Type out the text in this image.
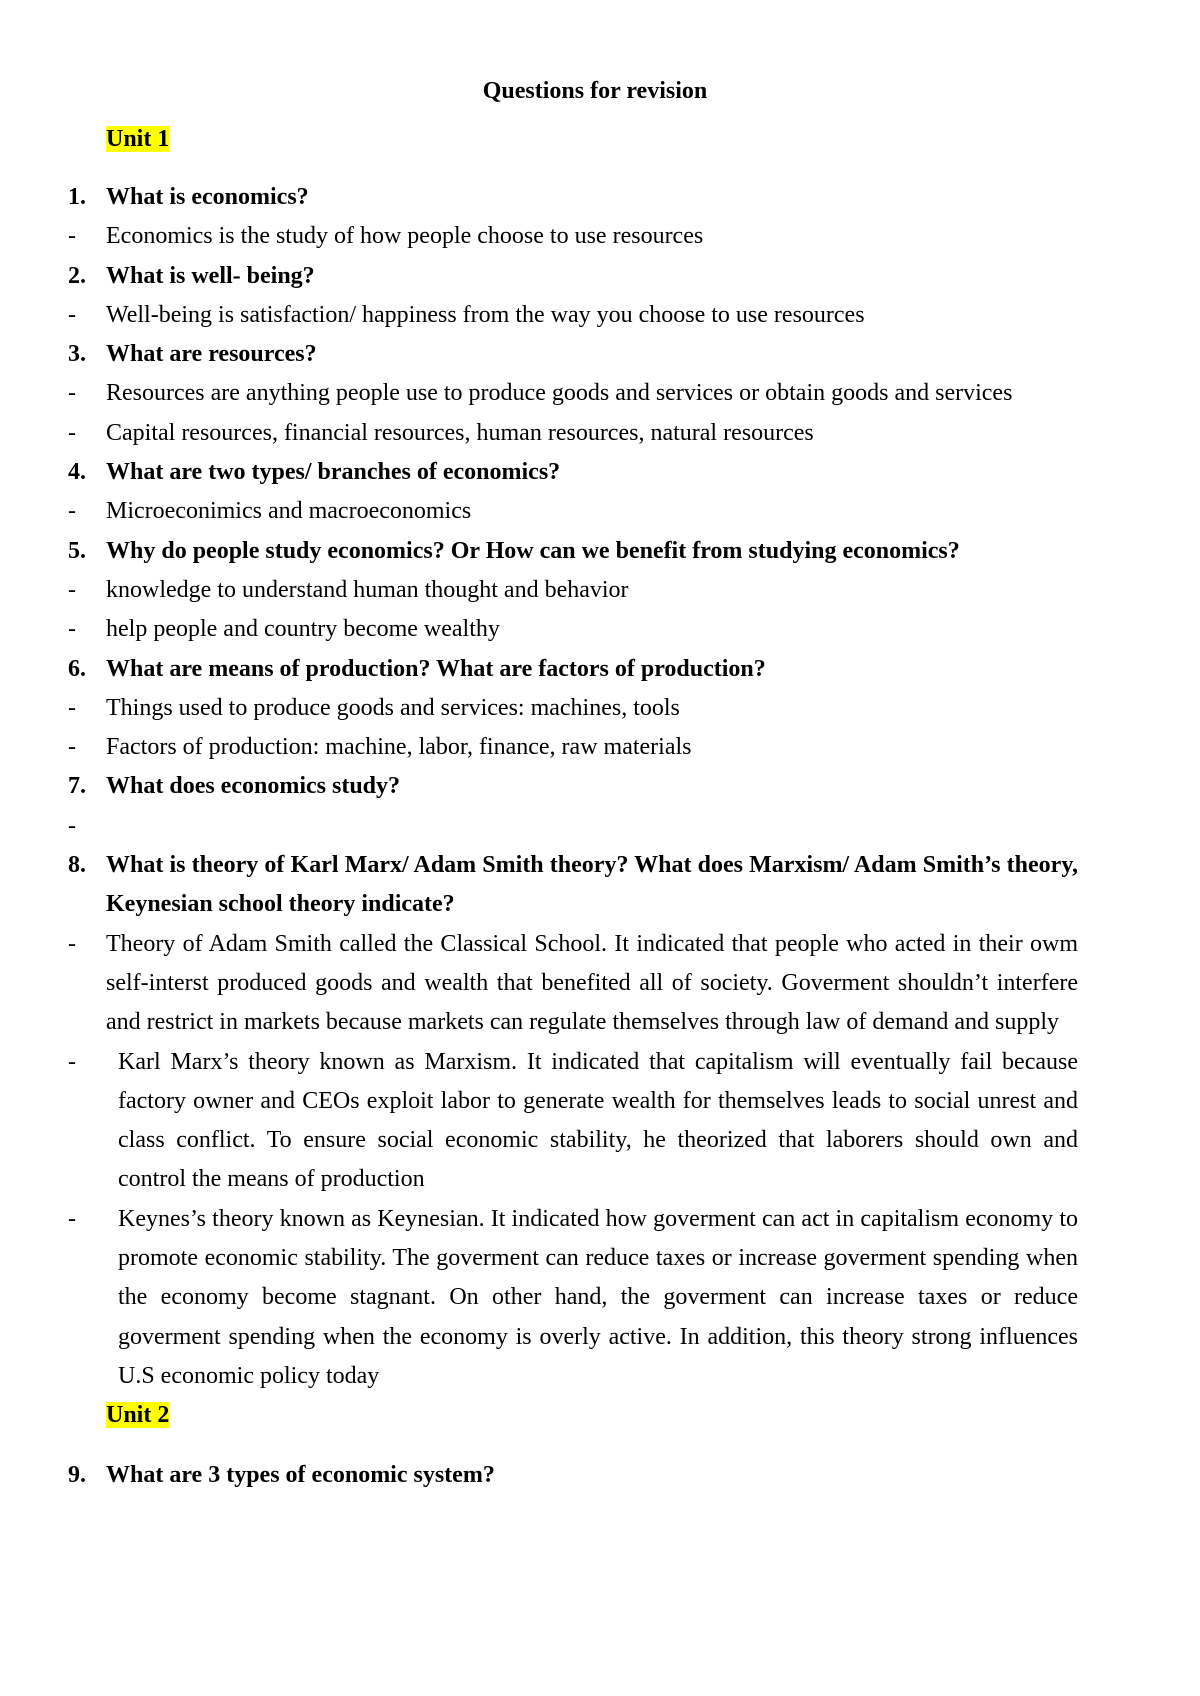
Questions for revision
Unit 1
1. What is economics?
-	Economics is the study of how people choose to use resources
2. What is well- being?
-	Well-being is satisfaction/ happiness from the way you choose to use resources
3. What are resources?
-	Resources are anything people use to produce goods and services or obtain goods and services
-	Capital resources, financial resources, human resources, natural resources
4. What are two types/ branches of economics?
-	Microeconimics and macroeconomics
5. Why do people study economics? Or How can we benefit from studying economics?
-	knowledge to understand human thought and behavior
-	help people and country become wealthy
6. What are means of production? What are factors of production?
-	Things used to produce goods and services: machines, tools
-	Factors of production: machine, labor, finance, raw materials
7. What does economics study?
-
8. What is theory of Karl Marx/ Adam Smith theory? What does Marxism/ Adam Smith’s theory, Keynesian school theory indicate?
-	Theory of Adam Smith called the Classical School. It indicated that people who acted in their owm self-interst produced goods and wealth that benefited all of society. Goverment shouldn’t interfere and restrict in markets because markets can regulate themselves through law of demand and supply
-	Karl Marx’s theory known as Marxism. It indicated that capitalism will eventually fail because factory owner and CEOs exploit labor to generate wealth for themselves leads to social unrest and class conflict. To ensure social economic stability, he theorized that laborers should own and control the means of production
-	Keynes’s theory known as Keynesian. It indicated how goverment can act in capitalism economy to promote economic stability. The goverment can reduce taxes or increase goverment spending when the economy become stagnant. On other hand, the goverment can increase taxes or reduce goverment spending when the economy is overly active. In addition, this theory strong influences U.S economic policy today
Unit 2
9. What are 3 types of economic system?
